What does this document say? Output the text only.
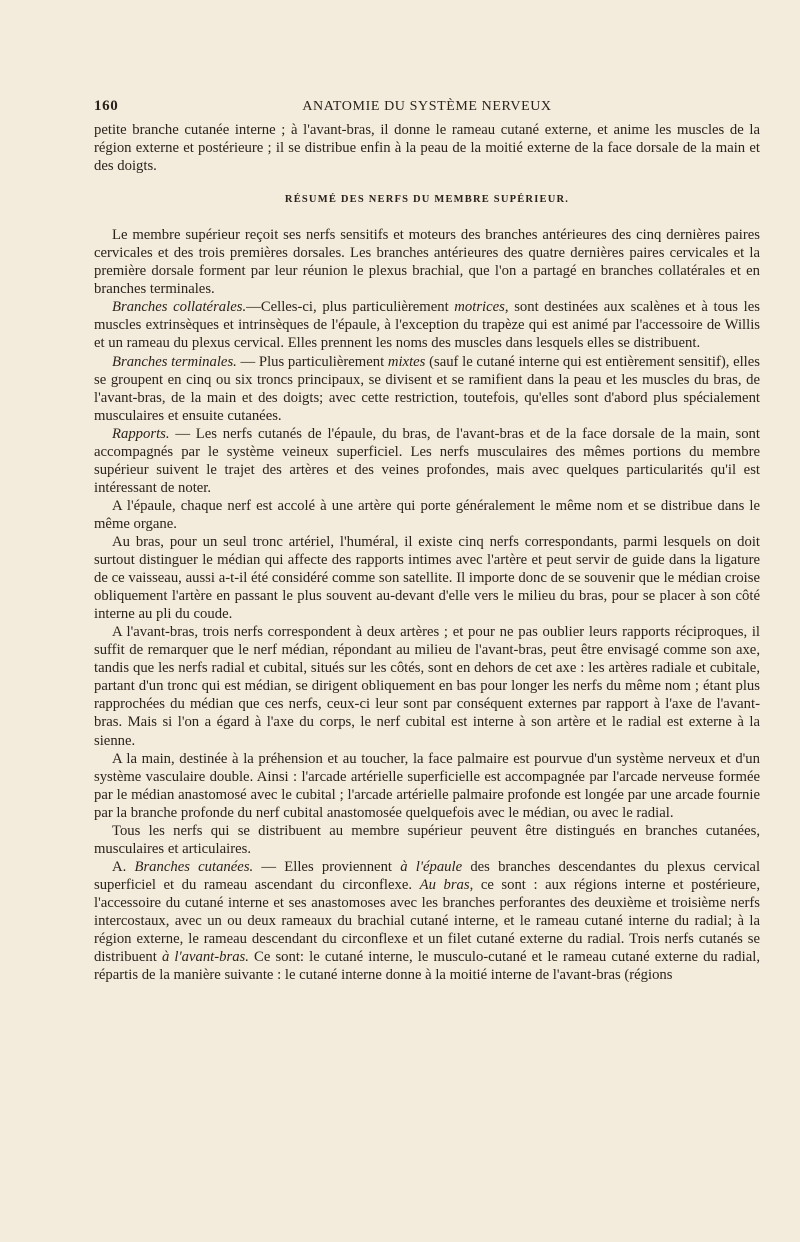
160	ANATOMIE DU SYSTÈME NERVEUX

petite branche cutanée interne ; à l'avant-bras, il donne le rameau cutané externe, et anime les muscles de la région externe et postérieure ; il se distribue enfin à la peau de la moitié externe de la face dorsale de la main et des doigts.

RÉSUMÉ DES NERFS DU MEMBRE SUPÉRIEUR.

Le membre supérieur reçoit ses nerfs sensitifs et moteurs des branches antérieures des cinq dernières paires cervicales et des trois premières dorsales. Les branches antérieures des quatre dernières paires cervicales et la première dorsale forment par leur réunion le plexus brachial, que l'on a partagé en branches collatérales et en branches terminales.

Branches collatérales.—Celles-ci, plus particulièrement motrices, sont destinées aux scalènes et à tous les muscles extrinsèques et intrinsèques de l'épaule, à l'exception du trapèze qui est animé par l'accessoire de Willis et un rameau du plexus cervical. Elles prennent les noms des muscles dans lesquels elles se distribuent.

Branches terminales. — Plus particulièrement mixtes (sauf le cutané interne qui est entièrement sensitif), elles se groupent en cinq ou six troncs principaux, se divisent et se ramifient dans la peau et les muscles du bras, de l'avant-bras, de la main et des doigts; avec cette restriction, toutefois, qu'elles sont d'abord plus spécialement musculaires et ensuite cutanées.

Rapports. — Les nerfs cutanés de l'épaule, du bras, de l'avant-bras et de la face dorsale de la main, sont accompagnés par le système veineux superficiel. Les nerfs musculaires des mêmes portions du membre supérieur suivent le trajet des artères et des veines profondes, mais avec quelques particularités qu'il est intéressant de noter.

A l'épaule, chaque nerf est accolé à une artère qui porte généralement le même nom et se distribue dans le même organe.

Au bras, pour un seul tronc artériel, l'huméral, il existe cinq nerfs correspondants, parmi lesquels on doit surtout distinguer le médian qui affecte des rapports intimes avec l'artère et peut servir de guide dans la ligature de ce vaisseau, aussi a-t-il été considéré comme son satellite. Il importe donc de se souvenir que le médian croise obliquement l'artère en passant le plus souvent au-devant d'elle vers le milieu du bras, pour se placer à son côté interne au pli du coude.

A l'avant-bras, trois nerfs correspondent à deux artères ; et pour ne pas oublier leurs rapports réciproques, il suffit de remarquer que le nerf médian, répondant au milieu de l'avant-bras, peut être envisagé comme son axe, tandis que les nerfs radial et cubital, situés sur les côtés, sont en dehors de cet axe : les artères radiale et cubitale, partant d'un tronc qui est médian, se dirigent obliquement en bas pour longer les nerfs du même nom ; étant plus rapprochées du médian que ces nerfs, ceux-ci leur sont par conséquent externes par rapport à l'axe de l'avant-bras. Mais si l'on a égard à l'axe du corps, le nerf cubital est interne à son artère et le radial est externe à la sienne.

A la main, destinée à la préhension et au toucher, la face palmaire est pourvue d'un système nerveux et d'un système vasculaire double. Ainsi : l'arcade artérielle superficielle est accompagnée par l'arcade nerveuse formée par le médian anastomosé avec le cubital ; l'arcade artérielle palmaire profonde est longée par une arcade fournie par la branche profonde du nerf cubital anastomosée quelquefois avec le médian, ou avec le radial.

Tous les nerfs qui se distribuent au membre supérieur peuvent être distingués en branches cutanées, musculaires et articulaires.

A. Branches cutanées. — Elles proviennent à l'épaule des branches descendantes du plexus cervical superficiel et du rameau ascendant du circonflexe. Au bras, ce sont : aux régions interne et postérieure, l'accessoire du cutané interne et ses anastomoses avec les branches perforantes des deuxième et troisième nerfs intercostaux, avec un ou deux rameaux du brachial cutané interne, et le rameau cutané interne du radial; à la région externe, le rameau descendant du circonflexe et un filet cutané externe du radial. Trois nerfs cutanés se distribuent à l'avant-bras. Ce sont: le cutané interne, le musculo-cutané et le rameau cutané externe du radial, répartis de la manière suivante : le cutané interne donne à la moitié interne de l'avant-bras (régions
